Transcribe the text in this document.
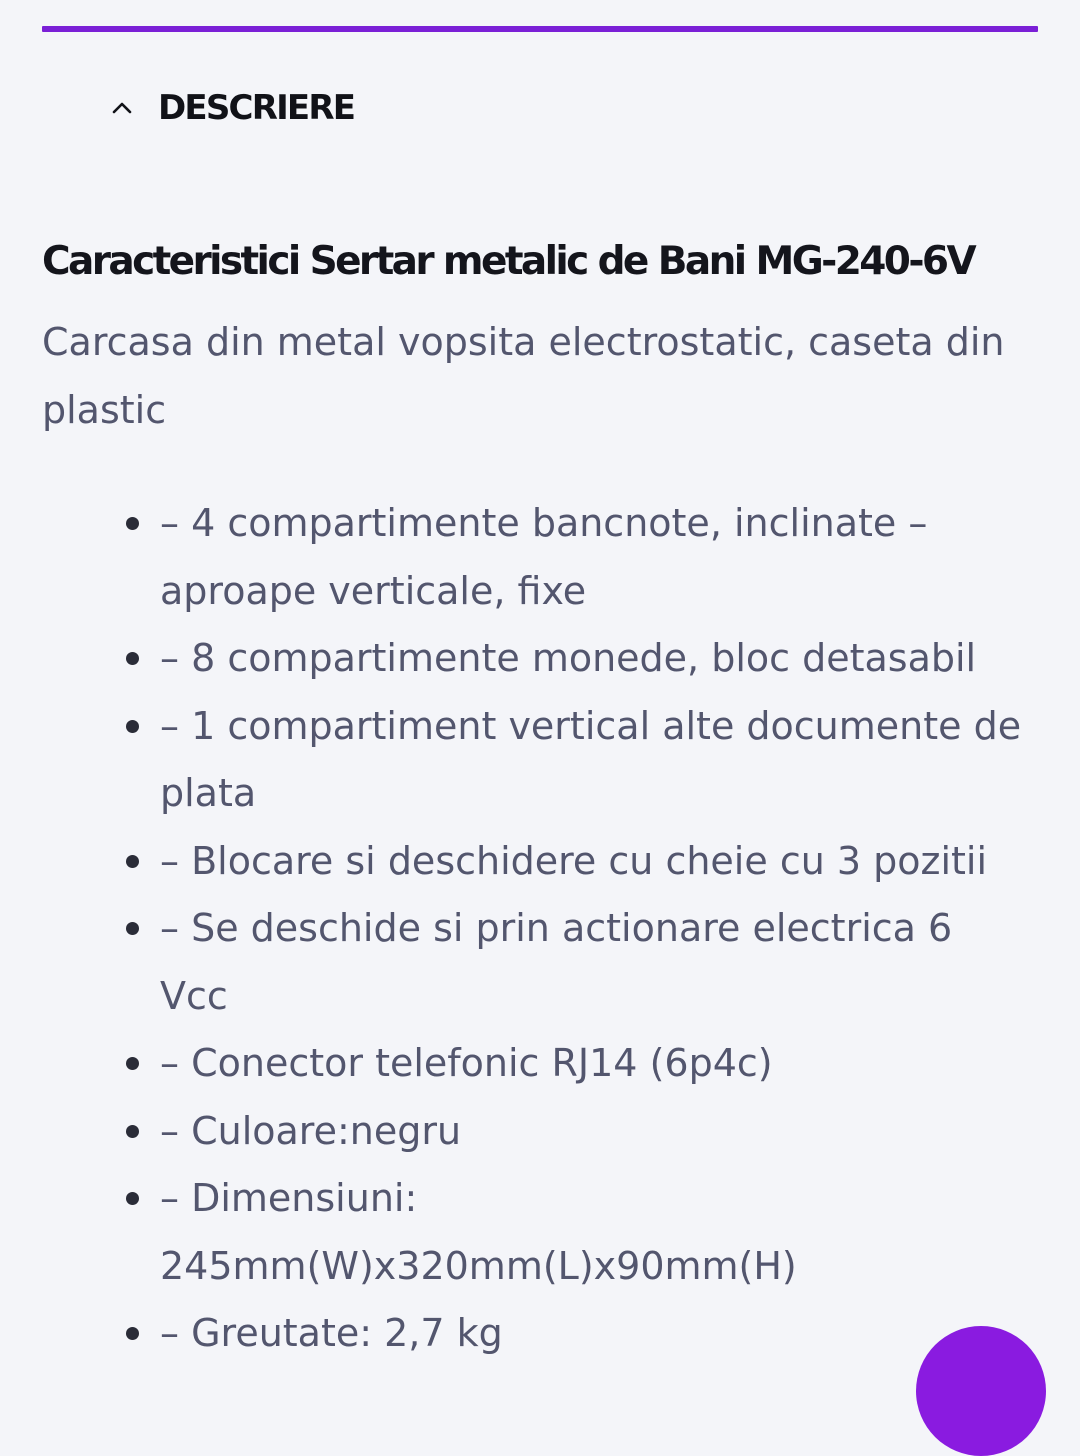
DESCRIERE
Caracteristici Sertar metalic de Bani MG-240-6V

Carcasa din metal vopsita electrostatic, caseta din plastic

– 4 compartimente bancnote, inclinate – aproape verticale, fixe
– 8 compartimente monede, bloc detasabil
– 1 compartiment vertical alte documente de plata
– Blocare si deschidere cu cheie cu 3 pozitii
– Se deschide si prin actionare electrica 6 Vcc
– Conector telefonic RJ14 (6p4c)
– Culoare:negru
– Dimensiuni: 245mm(W)x320mm(L)x90mm(H)
– Greutate: 2,7 kg
